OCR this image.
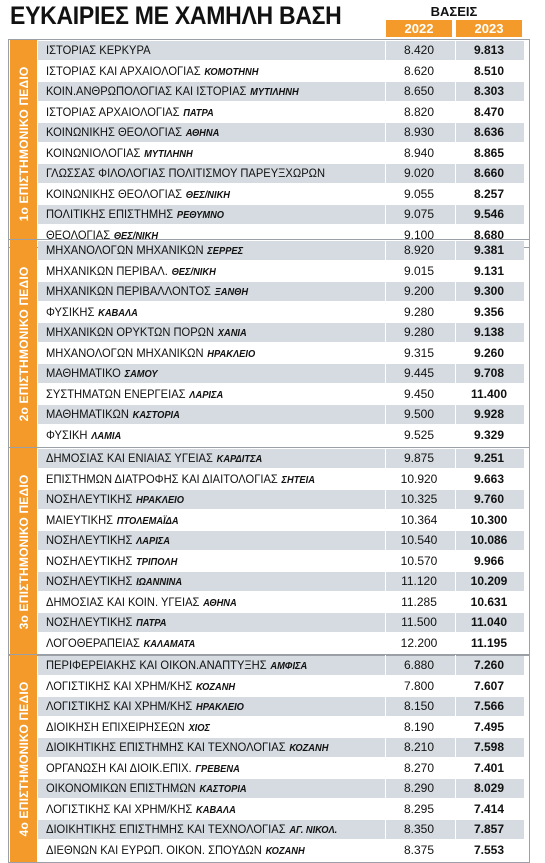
ΕΥΚΑΙΡΙΕΣ ΜΕ ΧΑΜΗΛΗ ΒΑΣΗ	ΒΑΣΕΙΣ
2022	2023
1ο ΕΠΙΣΤΗΜΟΝΙΚΟ ΠΕΔΙΟ
ΙΣΤΟΡΙΑΣ ΚΕΡΚΥΡΑ	8.420	9.813
ΙΣΤΟΡΙΑΣ ΚΑΙ ΑΡΧΑΙΟΛΟΓΙΑΣ ΚΟΜΟΤΗΝΗ	8.620	8.510
ΚΟΙΝ.ΑΝΘΡΩΠΟΛΟΓΙΑΣ ΚΑΙ ΙΣΤΟΡΙΑΣ ΜΥΤΙΛΗΝΗ	8.650	8.303
ΙΣΤΟΡΙΑΣ ΑΡΧΑΙΟΛΟΓΙΑΣ ΠΑΤΡΑ	8.820	8.470
ΚΟΙΝΩΝΙΚΗΣ ΘΕΟΛΟΓΙΑΣ ΑΘΗΝΑ	8.930	8.636
ΚΟΙΝΩΝΙΟΛΟΓΙΑΣ ΜΥΤΙΛΗΝΗ	8.940	8.865
ΓΛΩΣΣΑΣ ΦΙΛΟΛΟΓΙΑΣ ΠΟΛΙΤΙΣΜΟΥ ΠΑΡΕΥΞΧΩΡΩΝ	9.020	8.660
ΚΟΙΝΩΝΙΚΗΣ ΘΕΟΛΟΓΙΑΣ ΘΕΣ/ΝΙΚΗ	9.055	8.257
ΠΟΛΙΤΙΚΗΣ ΕΠΙΣΤΗΜΗΣ ΡΕΘΥΜΝΟ	9.075	9.546
ΘΕΟΛΟΓΙΑΣ ΘΕΣ/ΝΙΚΗ	9.100	8.680
2ο ΕΠΙΣΤΗΜΟΝΙΚΟ ΠΕΔΙΟ
ΜΗΧΑΝΟΛΟΓΩΝ ΜΗΧΑΝΙΚΩΝ ΣΕΡΡΕΣ	8.920	9.381
ΜΗΧΑΝΙΚΩΝ ΠΕΡΙΒΑΛ. ΘΕΣ/ΝΙΚΗ	9.015	9.131
ΜΗΧΑΝΙΚΩΝ ΠΕΡΙΒΑΛΛΟΝΤΟΣ ΞΑΝΘΗ	9.200	9.300
ΦΥΣΙΚΗΣ ΚΑΒΑΛΑ	9.280	9.356
ΜΗΧΑΝΙΚΩΝ ΟΡΥΚΤΩΝ ΠΟΡΩΝ ΧΑΝΙΑ	9.280	9.138
ΜΗΧΑΝΟΛΟΓΩΝ ΜΗΧΑΝΙΚΩΝ ΗΡΑΚΛΕΙΟ	9.315	9.260
ΜΑΘΗΜΑΤΙΚΟ ΣΑΜΟΥ	9.445	9.708
ΣΥΣΤΗΜΑΤΩΝ ΕΝΕΡΓΕΙΑΣ ΛΑΡΙΣΑ	9.450	11.400
ΜΑΘΗΜΑΤΙΚΩΝ ΚΑΣΤΟΡΙΑ	9.500	9.928
ΦΥΣΙΚΗ ΛΑΜΙΑ	9.525	9.329
3ο ΕΠΙΣΤΗΜΟΝΙΚΟ ΠΕΔΙΟ
ΔΗΜΟΣΙΑΣ ΚΑΙ ΕΝΙΑΙΑΣ ΥΓΕΙΑΣ ΚΑΡΔΙΤΣΑ	9.875	9.251
ΕΠΙΣΤΗΜΩΝ ΔΙΑΤΡΟΦΗΣ ΚΑΙ ΔΙΑΙΤΟΛΟΓΙΑΣ ΣΗΤΕΙΑ	10.920	9.663
ΝΟΣΗΛΕΥΤΙΚΗΣ ΗΡΑΚΛΕΙΟ	10.325	9.760
ΜΑΙΕΥΤΙΚΗΣ ΠΤΟΛΕΜΑΪΔΑ	10.364	10.300
ΝΟΣΗΛΕΥΤΙΚΗΣ ΛΑΡΙΣΑ	10.540	10.086
ΝΟΣΗΛΕΥΤΙΚΗΣ ΤΡΙΠΟΛΗ	10.570	9.966
ΝΟΣΗΛΕΥΤΙΚΗΣ ΙΩΑΝΝΙΝΑ	11.120	10.209
ΔΗΜΟΣΙΑΣ ΚΑΙ ΚΟΙΝ. ΥΓΕΙΑΣ ΑΘΗΝΑ	11.285	10.631
ΝΟΣΗΛΕΥΤΙΚΗΣ ΠΑΤΡΑ	11.500	11.040
ΛΟΓΟΘΕΡΑΠΕΙΑΣ ΚΑΛΑΜΑΤΑ	12.200	11.195
4ο ΕΠΙΣΤΗΜΟΝΙΚΟ ΠΕΔΙΟ
ΠΕΡΙΦΕΡΕΙΑΚΗΣ ΚΑΙ ΟΙΚΟΝ.ΑΝΑΠΤΥΞΗΣ ΑΜΦΙΣΑ	6.880	7.260
ΛΟΓΙΣΤΙΚΗΣ ΚΑΙ ΧΡΗΜ/ΚΗΣ ΚΟΖΑΝΗ	7.800	7.607
ΛΟΓΙΣΤΙΚΗΣ ΚΑΙ ΧΡΗΜ/ΚΗΣ ΗΡΑΚΛΕΙΟ	8.150	7.566
ΔΙΟΙΚΗΣΗ ΕΠΙΧΕΙΡΗΣΕΩΝ ΧΙΟΣ	8.190	7.495
ΔΙΟΙΚΗΤΙΚΗΣ ΕΠΙΣΤΗΜΗΣ ΚΑΙ ΤΕΧΝΟΛΟΓΙΑΣ ΚΟΖΑΝΗ	8.210	7.598
ΟΡΓΑΝΩΣΗ ΚΑΙ ΔΙΟΙΚ.ΕΠΙΧ. ΓΡΕΒΕΝΑ	8.270	7.401
ΟΙΚΟΝΟΜΙΚΩΝ ΕΠΙΣΤΗΜΩΝ ΚΑΣΤΟΡΙΑ	8.290	8.029
ΛΟΓΙΣΤΙΚΗΣ ΚΑΙ ΧΡΗΜ/ΚΗΣ ΚΑΒΑΛΑ	8.295	7.414
ΔΙΟΙΚΗΤΙΚΗΣ ΕΠΙΣΤΗΜΗΣ ΚΑΙ ΤΕΧΝΟΛΟΓΙΑΣ ΑΓ. ΝΙΚΟΛ.	8.350	7.857
ΔΙΕΘΝΩΝ ΚΑΙ ΕΥΡΩΠ. ΟΙΚΟΝ. ΣΠΟΥΔΩΝ ΚΟΖΑΝΗ	8.375	7.553
